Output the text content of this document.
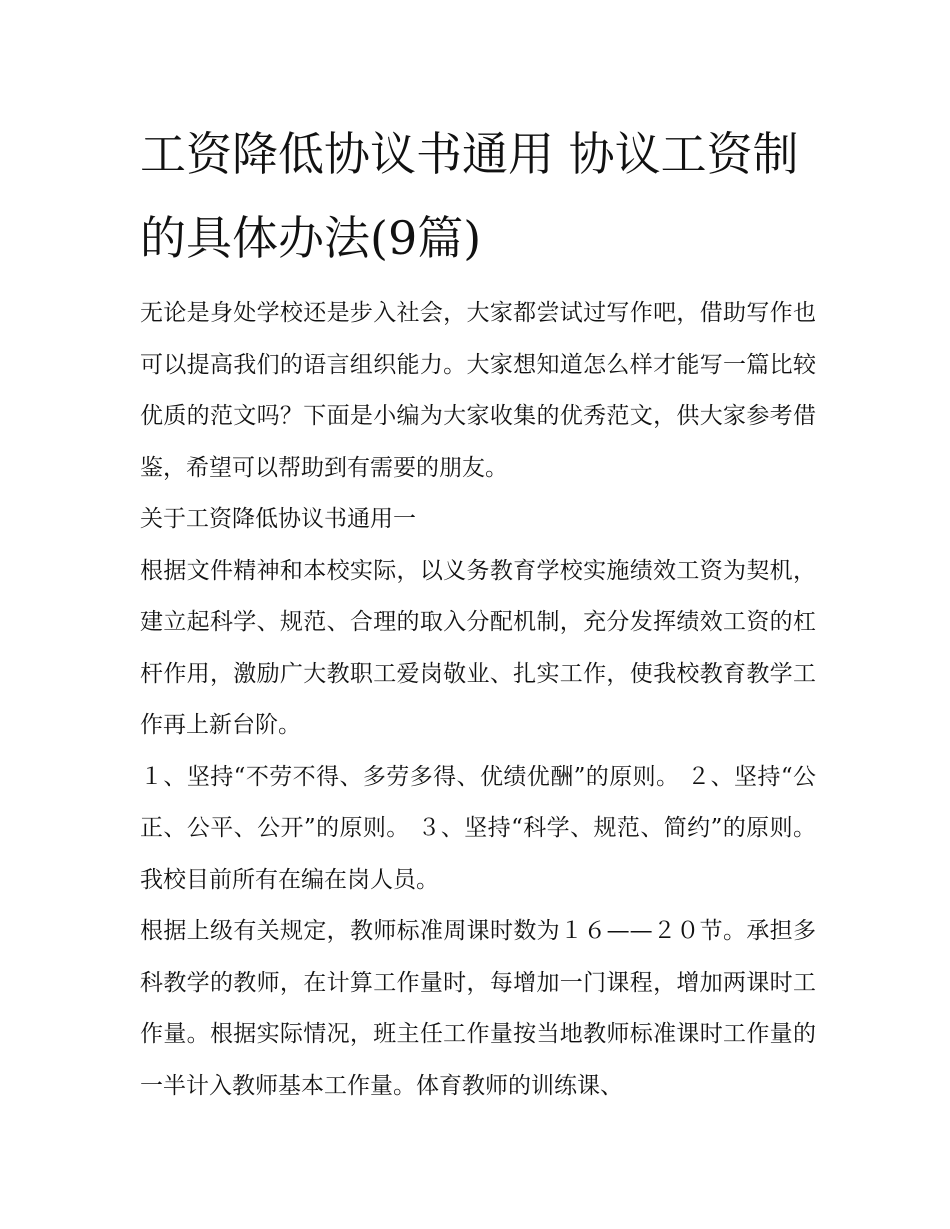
工资降低协议书通用 协议工资制的具体办法(9篇)

无论是身处学校还是步入社会，大家都尝试过写作吧，借助写作也可以提高我们的语言组织能力。大家想知道怎么样才能写一篇比较优质的范文吗？下面是小编为大家收集的优秀范文，供大家参考借鉴，希望可以帮助到有需要的朋友。

关于工资降低协议书通用一

根据文件精神和本校实际，以义务教育学校实施绩效工资为契机，建立起科学、规范、合理的取入分配机制，充分发挥绩效工资的杠杆作用，激励广大教职工爱岗敬业、扎实工作，使我校教育教学工作再上新台阶。

１、坚持“不劳不得、多劳多得、优绩优酬”的原则。 ２、坚持“公正、公平、公开”的原则。 ３、坚持“科学、规范、简约”的原则。 我校目前所有在编在岗人员。

根据上级有关规定，教师标准周课时数为１６——２０节。承担多科教学的教师，在计算工作量时，每增加一门课程，增加两课时工作量。根据实际情况，班主任工作量按当地教师标准课时工作量的一半计入教师基本工作量。体育教师的训练课、
